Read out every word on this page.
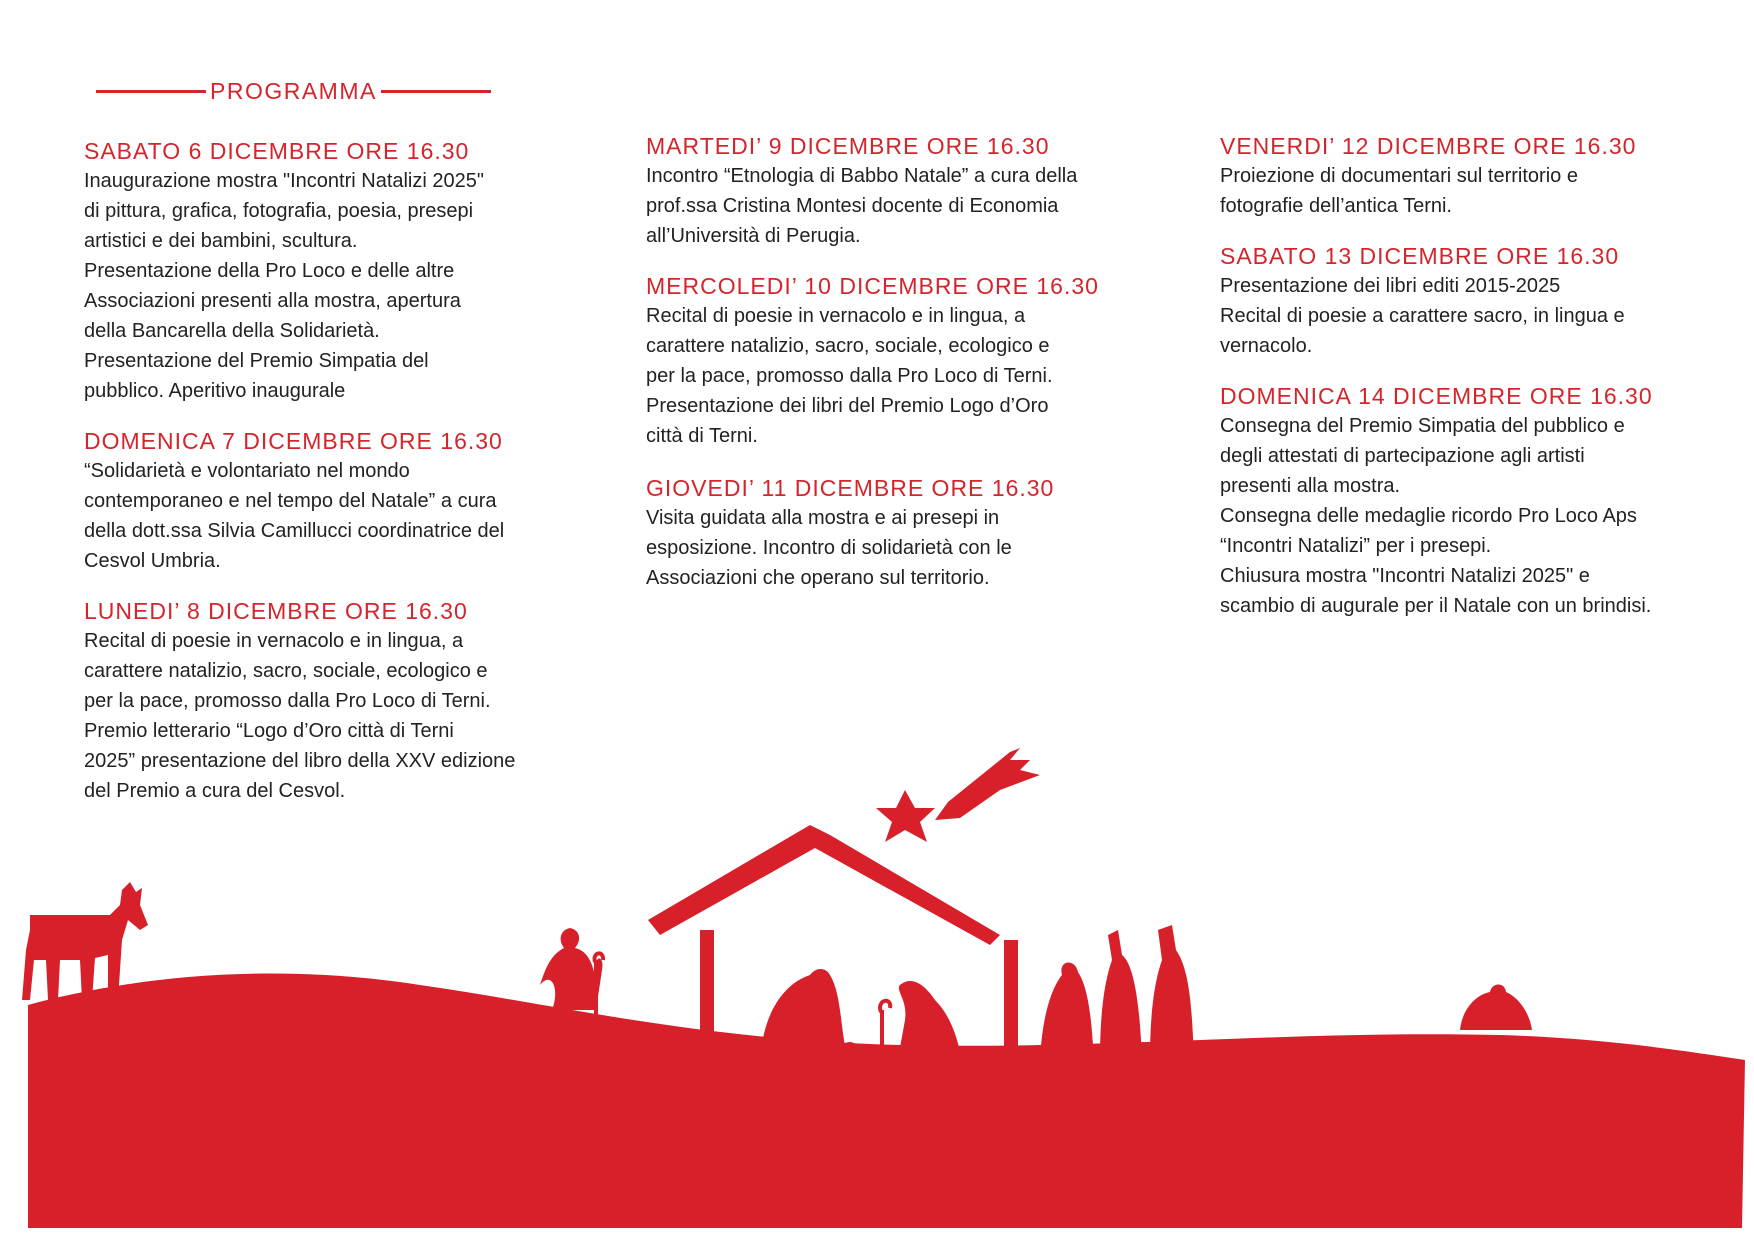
PROGRAMMA
SABATO 6 DICEMBRE ORE 16.30

Inaugurazione mostra "Incontri Natalizi 2025"

di pittura, grafica, fotografia, poesia, presepi

artistici e dei bambini, scultura.

Presentazione della Pro Loco e delle altre

Associazioni presenti alla mostra, apertura

della Bancarella della Solidarietà.

Presentazione del Premio Simpatia del

pubblico. Aperitivo inaugurale

DOMENICA 7 DICEMBRE ORE 16.30

“Solidarietà e volontariato nel mondo

contemporaneo e nel tempo del Natale” a cura

della dott.ssa Silvia Camillucci coordinatrice del

Cesvol Umbria.

LUNEDI’ 8 DICEMBRE ORE 16.30

Recital di poesie in vernacolo e in lingua, a

carattere natalizio, sacro, sociale, ecologico e

per la pace, promosso dalla Pro Loco di Terni.

Premio letterario “Logo d’Oro città di Terni

2025” presentazione del libro della XXV edizione

del Premio a cura del Cesvol.

MARTEDI’ 9 DICEMBRE ORE 16.30

Incontro “Etnologia di Babbo Natale” a cura della

prof.ssa Cristina Montesi docente di Economia

all’Università di Perugia.

MERCOLEDI’ 10 DICEMBRE ORE 16.30

Recital di poesie in vernacolo e in lingua, a

carattere natalizio, sacro, sociale, ecologico e

per la pace, promosso dalla Pro Loco di Terni.

Presentazione dei libri del Premio Logo d’Oro

città di Terni.

GIOVEDI’ 11 DICEMBRE ORE 16.30

Visita guidata alla mostra e ai presepi in

esposizione. Incontro di solidarietà con le

Associazioni che operano sul territorio.

VENERDI’ 12 DICEMBRE ORE 16.30

Proiezione di documentari sul territorio e

fotografie dell’antica Terni.

SABATO 13 DICEMBRE ORE 16.30

Presentazione dei libri editi 2015-2025

Recital di poesie a carattere sacro, in lingua e

vernacolo.

DOMENICA 14 DICEMBRE ORE 16.30

Consegna del Premio Simpatia del pubblico e

degli attestati di partecipazione agli artisti

presenti alla mostra.

Consegna delle medaglie ricordo Pro Loco Aps

“Incontri Natalizi” per i presepi.

Chiusura mostra "Incontri Natalizi 2025" e

scambio di augurale per il Natale con un brindisi.
